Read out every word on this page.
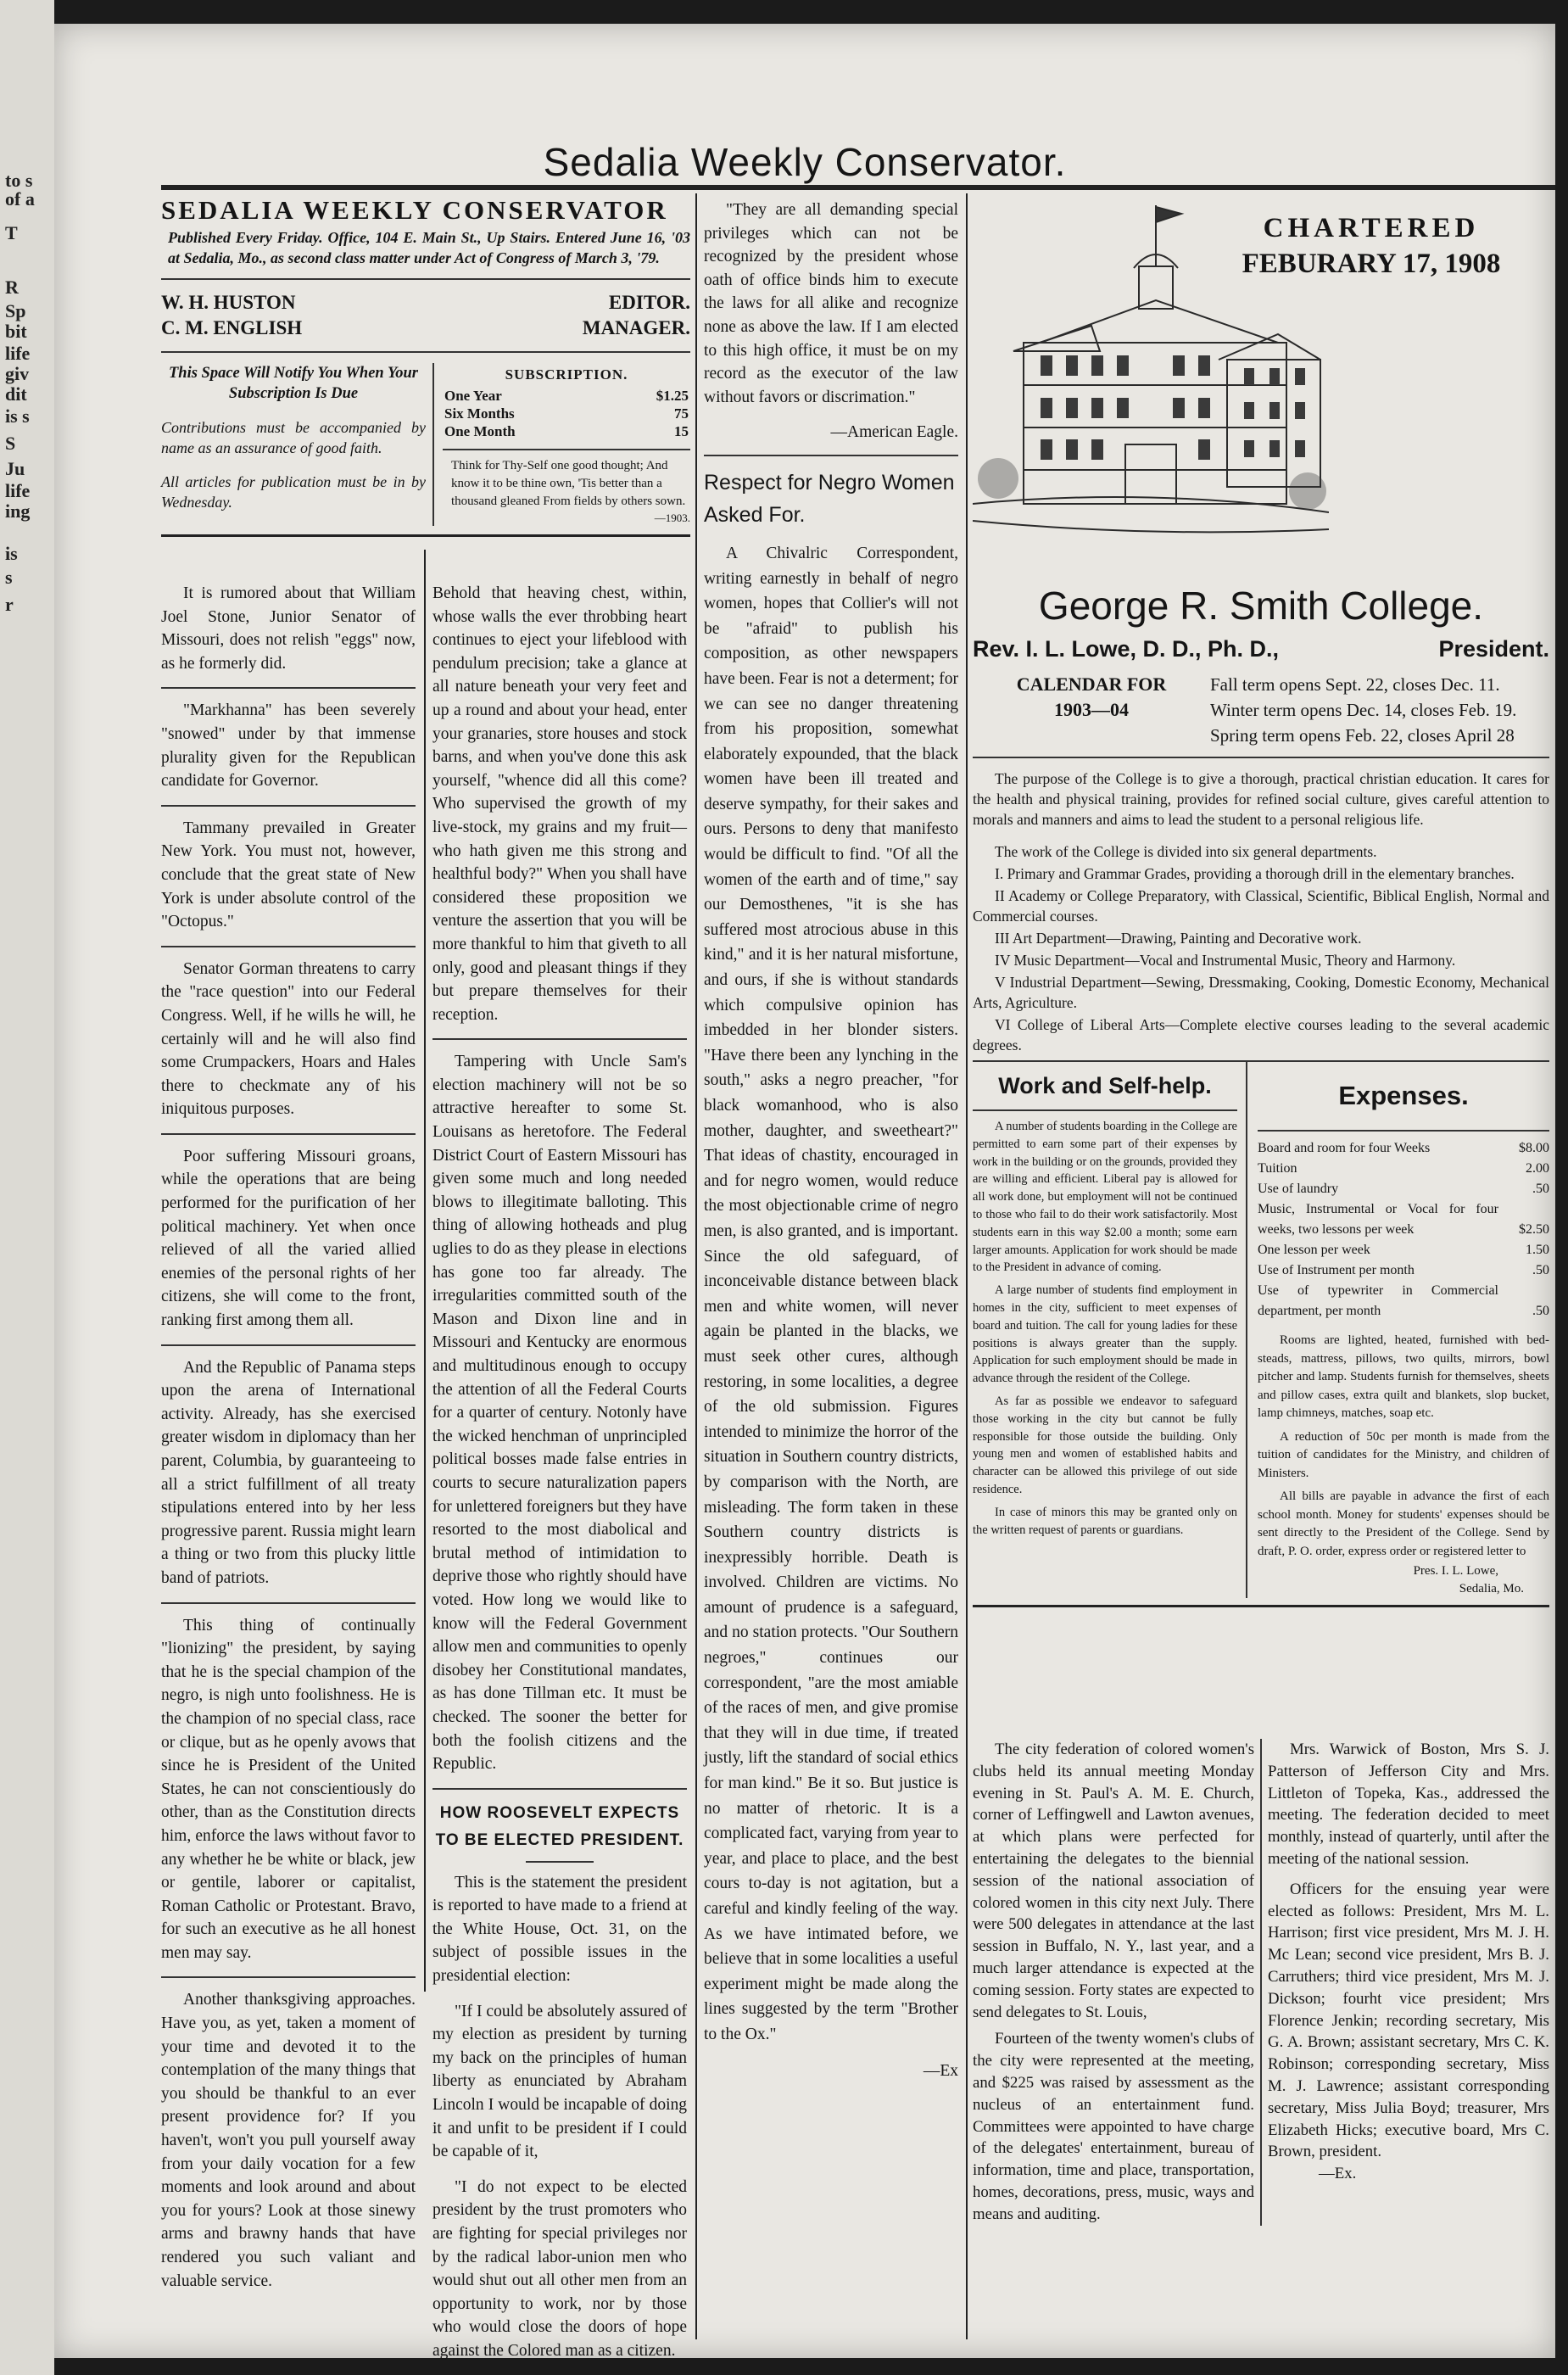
to s
of a
T
R
Sp
bit
life
giv
dit
is s
S
Ju
life
ing
is
s
r
Sedalia Weekly Conservator.
SEDALIA WEEKLY CONSERVATOR
Published Every Friday. Office, 104 E. Main St., Up Stairs. Entered June 16, '03 at Sedalia, Mo., as second class matter under Act of Congress of March 3, '79.
W. H. HUSTON	EDITOR.
C. M. ENGLISH	MANAGER.
This Space Will Notify You When Your Subscription Is Due
Contributions must be accompanied by name as an assurance of good faith.
All articles for publication must be in by Wednesday.
SUBSCRIPTION.
One Year	$1.25
Six Months	75
One Month	15
Think for Thy-Self one good thought; And know it to be thine own, 'Tis better than a thousand gleaned From fields by others sown.
—1903.

It is rumored about that William Joel Stone, Junior Senator of Missouri, does not relish "eggs" now, as he formerly did.

"Markhanna" has been severely "snowed" under by that immense plurality given for the Republican candidate for Governor.

Tammany prevailed in Greater New York. You must not, however, conclude that the great state of New York is under absolute control of the "Octopus."

Senator Gorman threatens to carry the "race question" into our Federal Congress. Well, if he wills he will, he certainly will and he will also find some Crumpackers, Hoars and Hales there to checkmate any of his iniquitous purposes.

Poor suffering Missouri groans, while the operations that are being performed for the purification of her political machinery. Yet when once relieved of all the varied allied enemies of the personal rights of her citizens, she will come to the front, ranking first among them all.

And the Republic of Panama steps upon the arena of International activity. Already, has she exercised greater wisdom in diplomacy than her parent, Columbia, by guaranteeing to all a strict fulfillment of all treaty stipulations entered into by her less progressive parent. Russia might learn a thing or two from this plucky little band of patriots.

This thing of continually "lionizing" the president, by saying that he is the special champion of the negro, is nigh unto foolishness. He is the champion of no special class, race or clique, but as he openly avows that since he is President of the United States, he can not conscientiously do other, than as the Constitution directs him, enforce the laws without favor to any whether he be white or black, jew or gentile, laborer or capitalist, Roman Catholic or Protestant. Bravo, for such an executive as he all honest men may say.

Another thanksgiving approaches. Have you, as yet, taken a moment of your time and devoted it to the contemplation of the many things that you should be thankful to an ever present providence for? If you haven't, won't you pull yourself away from your daily vocation for a few moments and look around and about you for yours? Look at those sinewy arms and brawny hands that have rendered you such valiant and valuable service.

Behold that heaving chest, within, whose walls the ever throbbing heart continues to eject your lifeblood with pendulum precision; take a glance at all nature beneath your very feet and up a round and about your head, enter your granaries, store houses and stock barns, and when you've done this ask yourself, "whence did all this come? Who supervised the growth of my live-stock, my grains and my fruit—who hath given me this strong and healthful body?" When you shall have considered these proposition we venture the assertion that you will be more thankful to him that giveth to all only, good and pleasant things if they but prepare themselves for their reception.

Tampering with Uncle Sam's election machinery will not be so attractive hereafter to some St. Louisans as heretofore. The Federal District Court of Eastern Missouri has given some much and long needed blows to illegitimate balloting. This thing of allowing hotheads and plug uglies to do as they please in elections has gone too far already. The irregularities committed south of the Mason and Dixon line and in Missouri and Kentucky are enormous and multitudinous enough to occupy the attention of all the Federal Courts for a quarter of century. Notonly have the wicked henchman of unprincipled political bosses made false entries in courts to secure naturalization papers for unlettered foreigners but they have resorted to the most diabolical and brutal method of intimidation to deprive those who rightly should have voted. How long we would like to know will the Federal Government allow men and communities to openly disobey her Constitutional mandates, as has done Tillman etc. It must be checked. The sooner the better for both the foolish citizens and the Republic.

HOW ROOSEVELT EXPECTS TO BE ELECTED PRESIDENT.

This is the statement the president is reported to have made to a friend at the White House, Oct. 31, on the subject of possible issues in the presidential election:

"If I could be absolutely assured of my election as president by turning my back on the principles of human liberty as enunciated by Abraham Lincoln I would be incapable of doing it and unfit to be president if I could be capable of it,

"I do not expect to be elected president by the trust promoters who are fighting for special privileges nor by the radical labor-union men who would shut out all other men from an opportunity to work, nor by those who would close the doors of hope against the Colored man as a citizen.

"They are all demanding special privileges which can not be recognized by the president whose oath of office binds him to execute the laws for all alike and recognize none as above the law. If I am elected to this high office, it must be on my record as the executor of the law without favors or discrimation."

—American Eagle.
Respect for Negro Women Asked For.

A Chivalric Correspondent, writing earnestly in behalf of negro women, hopes that Collier's will not be "afraid" to publish his composition, as other newspapers have been. Fear is not a determent; for we can see no danger threatening from his proposition, somewhat elaborately expounded, that the black women have been ill treated and deserve sympathy, for their sakes and ours. Persons to deny that manifesto would be difficult to find. "Of all the women of the earth and of time," say our Demosthenes, "it is she has suffered most atrocious abuse in this kind," and it is her natural misfortune, and ours, if she is without standards which compulsive opinion has imbedded in her blonder sisters. "Have there been any lynching in the south," asks a negro preacher, "for black womanhood, who is also mother, daughter, and sweetheart?" That ideas of chastity, encouraged in and for negro women, would reduce the most objectionable crime of negro men, is also granted, and is important. Since the old safeguard, of inconceivable distance between black men and white women, will never again be planted in the blacks, we must seek other cures, although restoring, in some localities, a degree of the old submission. Figures intended to minimize the horror of the situation in Southern country districts, by comparison with the North, are misleading. The form taken in these Southern country districts is inexpressibly horrible. Death is involved. Children are victims. No amount of prudence is a safeguard, and no station protects. "Our Southern negroes," continues our correspondent, "are the most amiable of the races of men, and give promise that they will in due time, if treated justly, lift the standard of social ethics for man kind." Be it so. But justice is no matter of rhetoric. It is a complicated fact, varying from year to year, and place to place, and the best cours to-day is not agitation, but a careful and kindly feeling of the way. As we have intimated before, we believe that in some localities a useful experiment might be made along the lines suggested by the term "Brother to the Ox."

—Ex
CHARTERED
FEBURARY 17, 1908
George R. Smith College.
Rev. I. L. Lowe, D. D., Ph. D.,	President.
CALENDAR FOR
1903—04
Fall term opens Sept. 22, closes Dec. 11. Winter term opens Dec. 14, closes Feb. 19. Spring term opens Feb. 22, closes April 28

The purpose of the College is to give a thorough, practical christian education. It cares for the health and physical training, provides for refined social culture, gives careful attention to morals and manners and aims to lead the student to a personal religious life.

The work of the College is divided into six general departments.

I. Primary and Grammar Grades, providing a thorough drill in the elementary branches.

II Academy or College Preparatory, with Classical, Scientific, Biblical English, Normal and Commercial courses.

III Art Department—Drawing, Painting and Decorative work.

IV Music Department—Vocal and Instrumental Music, Theory and Harmony.

V Industrial Department—Sewing, Dressmaking, Cooking, Domestic Economy, Mechanical Arts, Agriculture.

VI College of Liberal Arts—Complete elective courses leading to the several academic degrees.

Work and Self-help.

A number of students boarding in the College are permitted to earn some part of their expenses by work in the building or on the grounds, provided they are willing and efficient. Liberal pay is allowed for all work done, but employment will not be continued to those who fail to do their work satisfactorily. Most students earn in this way $2.00 a month; some earn larger amounts. Application for work should be made to the President in advance of coming.

A large number of students find employment in homes in the city, sufficient to meet expenses of board and tuition. The call for young ladies for these positions is always greater than the supply. Application for such employment should be made in advance through the resident of the College.

As far as possible we endeavor to safeguard those working in the city but cannot be fully responsible for those outside the building. Only young men and women of established habits and character can be allowed this privilege of out side residence.

In case of minors this may be granted only on the written request of parents or guardians.

Expenses.
Board and room for four Weeks	$8.00
Tuition	2.00
Use of laundry	.50
Music, Instrumental or Vocal for four weeks, two lessons per week	$2.50
One lesson per week	1.50
Use of Instrument per month	.50
Use of typewriter in Commercial department, per month	.50

Rooms are lighted, heated, furnished with bed-steads, mattress, pillows, two quilts, mirrors, bowl pitcher and lamp. Students furnish for themselves, sheets and pillow cases, extra quilt and blankets, slop bucket, lamp chimneys, matches, soap etc.

A reduction of 50c per month is made from the tuition of candidates for the Ministry, and children of Ministers.

All bills are payable in advance the first of each school month. Money for students' expenses should be sent directly to the President of the College. Send by draft, P. O. order, express order or registered letter to

Pres. I. L. Lowe,
Sedalia, Mo.

The city federation of colored women's clubs held its annual meeting Monday evening in St. Paul's A. M. E. Church, corner of Leffingwell and Lawton avenues, at which plans were perfected for entertaining the delegates to the biennial session of the national association of colored women in this city next July. There were 500 delegates in attendance at the last session in Buffalo, N. Y., last year, and a much larger attendance is expected at the coming session. Forty states are expected to send delegates to St. Louis,

Fourteen of the twenty women's clubs of the city were represented at the meeting, and $225 was raised by assessment as the nucleus of an entertainment fund. Committees were appointed to have charge of the delegates' entertainment, bureau of information, time and place, transportation, homes, decorations, press, music, ways and means and auditing.

Mrs. Warwick of Boston, Mrs S. J. Patterson of Jefferson City and Mrs. Littleton of Topeka, Kas., addressed the meeting. The federation decided to meet monthly, instead of quarterly, until after the meeting of the national session.

Officers for the ensuing year were elected as follows: President, Mrs M. L. Harrison; first vice president, Mrs M. J. H. Mc Lean; second vice president, Mrs B. J. Carruthers; third vice president, Mrs M. J. Dickson; fourht vice president; Mrs Florence Jenkin; recording secretary, Mis G. A. Brown; assistant secretary, Mrs C. K. Robinson; corresponding secretary, Miss M. J. Lawrence; assistant corresponding secretary, Miss Julia Boyd; treasurer, Mrs Elizabeth Hicks; executive board, Mrs C. Brown, president.

—Ex.
